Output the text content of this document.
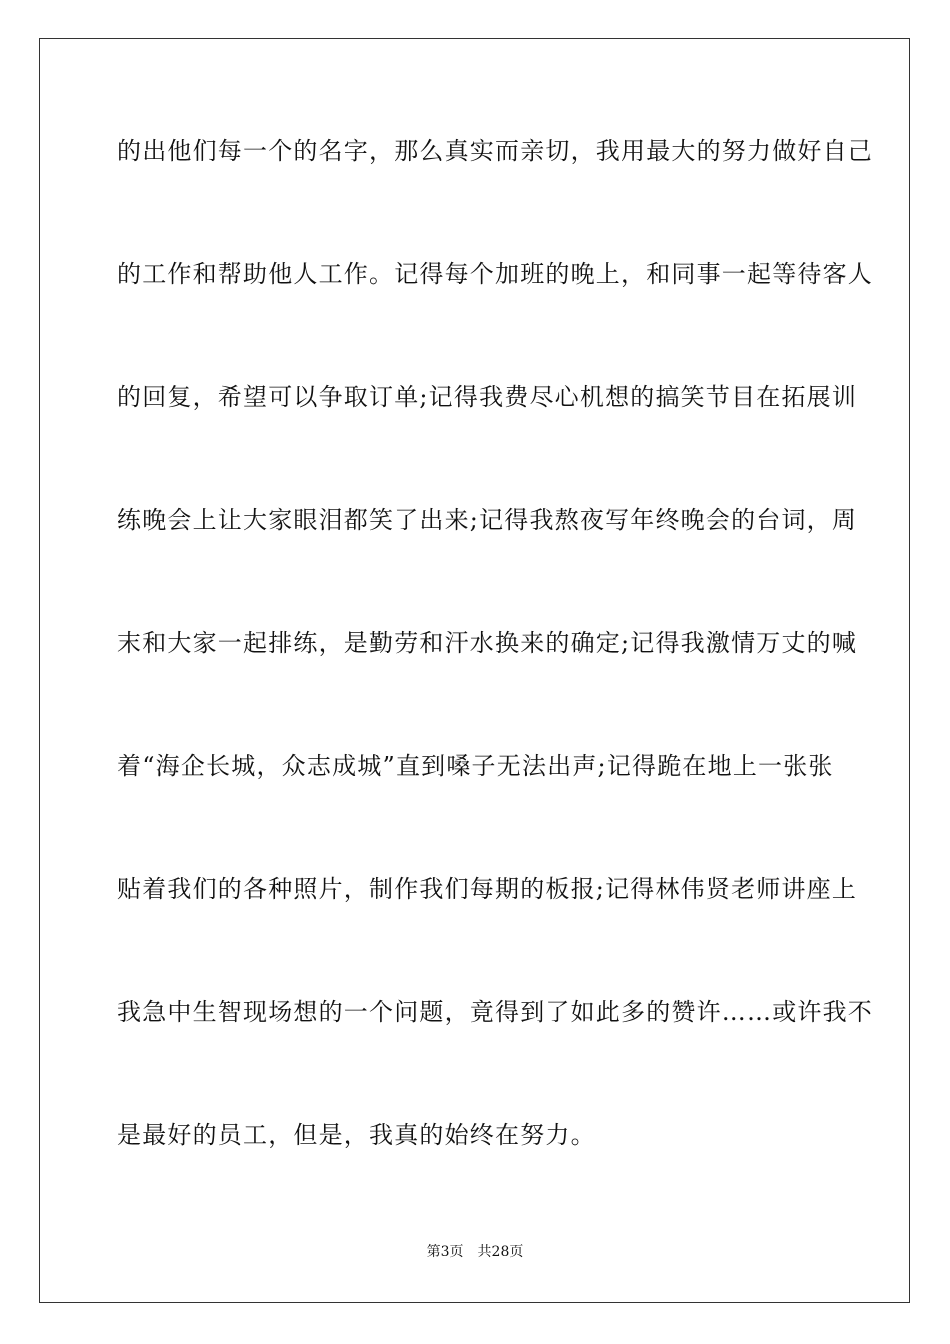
的出他们每一个的名字，那么真实而亲切，我用最大的努力做好自己
的工作和帮助他人工作。记得每个加班的晚上，和同事一起等待客人
的回复，希望可以争取订单;记得我费尽心机想的搞笑节目在拓展训
练晚会上让大家眼泪都笑了出来;记得我熬夜写年终晚会的台词，周
末和大家一起排练，是勤劳和汗水换来的确定;记得我激情万丈的喊
着“海企长城，众志成城”直到嗓子无法出声;记得跪在地上一张张
贴着我们的各种照片，制作我们每期的板报;记得林伟贤老师讲座上
我急中生智现场想的一个问题，竟得到了如此多的赞许……或许我不
是最好的员工，但是，我真的始终在努力。
第3页 共28页
